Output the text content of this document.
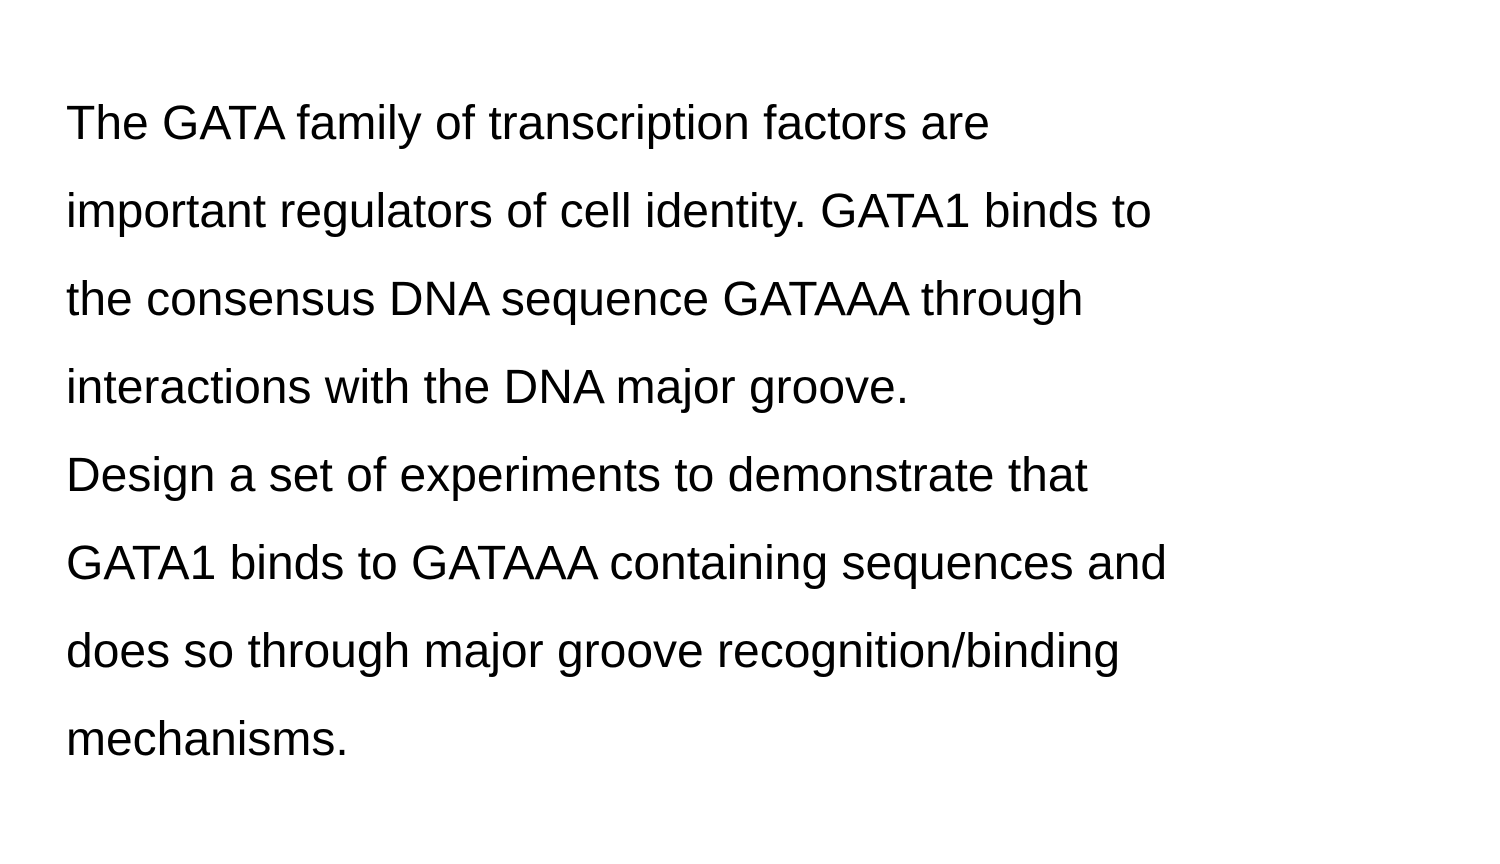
The GATA family of transcription factors are
important regulators of cell identity. GATA1 binds to
the consensus DNA sequence GATAAA through
interactions with the DNA major groove.
Design a set of experiments to demonstrate that
GATA1 binds to GATAAA containing sequences and
does so through major groove recognition/binding
mechanisms.
